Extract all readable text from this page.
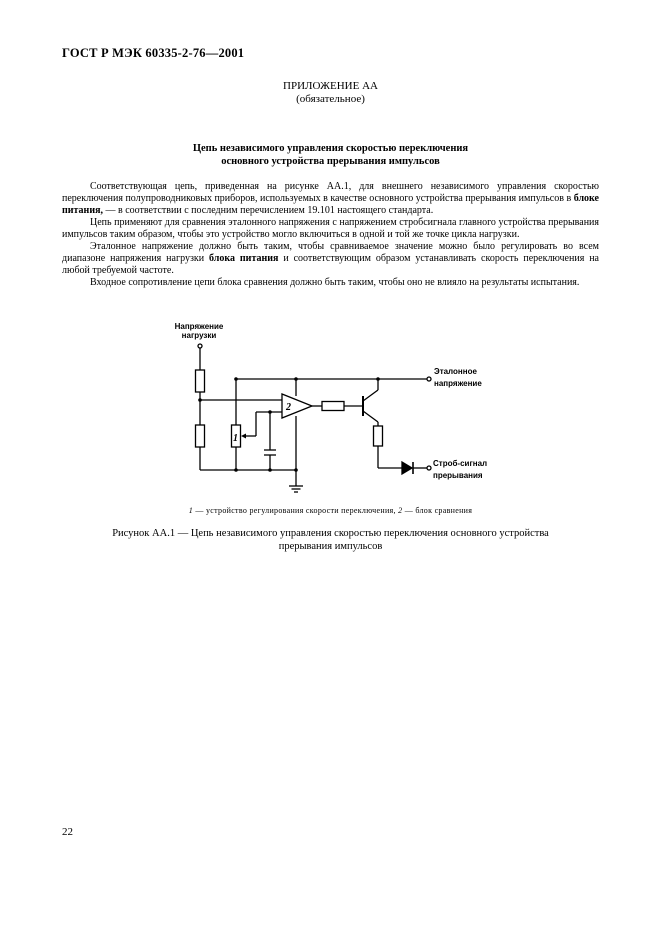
ГОСТ Р МЭК 60335-2-76—2001
ПРИЛОЖЕНИЕ АА
(обязательное)
Цепь независимого управления скоростью переключения
основного устройства прерывания импульсов

Соответствующая цепь, приведенная на рисунке АА.1, для внешнего независимого управления скоростью переключения полупроводниковых приборов, используемых в качестве основного устройства прерывания импульсов в блоке питания, — в соответствии с последним перечислением 19.101 настоящего стандарта.

Цепь применяют для сравнения эталонного напряжения с напряжением стробсигнала главного устройства прерывания импульсов таким образом, чтобы это устройство могло включиться в одной и той же точке цикла нагрузки.

Эталонное напряжение должно быть таким, чтобы сравниваемое значение можно было регулировать во всем диапазоне напряжения нагрузки блока питания и соответствующим образом устанавливать скорость переключения на любой требуемой частоте.

Входное сопротивление цепи блока сравнения должно быть таким, чтобы оно не влияло на результаты испытания.

Напряжение
нагрузки
Эталонное
напряжение
Строб-сигнал
прерывания
1
2
1 — устройство регулирования скорости переключения, 2 — блок сравнения
Рисунок АА.1 — Цепь независимого управления скоростью переключения основного устройства
прерывания импульсов
22
